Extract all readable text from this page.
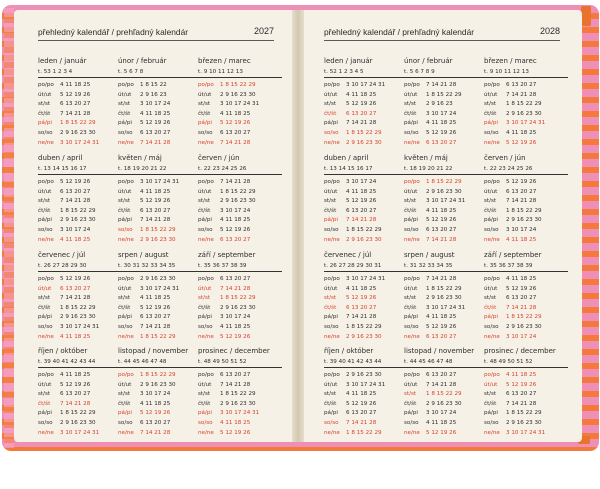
přehledný kalendář / prehľadný kalendár	2027	přehledný kalendář / prehľadný kalendár	2028
leden / január
t. 53 1 2 3 4
po/po	4 11 18 25
út/ut	5 12 19 26
st/st	6 13 20 27
čt/št	7 14 21 28
pá/pi	1 8 15 22 29
so/so	2 9 16 23 30
ne/ne	3 10 17 24 31
únor / február
t. 5 6 7 8
po/po	1 8 15 22
út/ut	2 9 16 23
st/st	3 10 17 24
čt/št	4 11 18 25
pá/pi	5 12 19 26
so/so	6 13 20 27
ne/ne	7 14 21 28
březen / marec
t. 9 10 11 12 13
po/po	1 8 15 22 29
út/ut	2 9 16 23 30
st/st	3 10 17 24 31
čt/št	4 11 18 25
pá/pi	5 12 19 26
so/so	6 13 20 27
ne/ne	7 14 21 28
duben / april
t. 13 14 15 16 17
po/po	5 12 19 26
út/ut	6 13 20 27
st/st	7 14 21 28
čt/št	1 8 15 22 29
pá/pi	2 9 16 23 30
so/so	3 10 17 24
ne/ne	4 11 18 25
květen / máj
t. 18 19 20 21 22
po/po	3 10 17 24 31
út/ut	4 11 18 25
st/st	5 12 19 26
čt/št	6 13 20 27
pá/pi	7 14 21 28
so/so	1 8 15 22 29
ne/ne	2 9 16 23 30
červen / jún
t. 22 23 24 25 26
po/po	7 14 21 28
út/ut	1 8 15 22 29
st/st	2 9 16 23 30
čt/št	3 10 17 24
pá/pi	4 11 18 25
so/so	5 12 19 26
ne/ne	6 13 20 27
červenec / júl
t. 26 27 28 29 30
po/po	5 12 19 26
út/ut	6 13 20 27
st/st	7 14 21 28
čt/št	1 8 15 22 29
pá/pi	2 9 16 23 30
so/so	3 10 17 24 31
ne/ne	4 11 18 25
srpen / august
t. 30 31 32 33 34 35
po/po	2 9 16 23 30
út/ut	3 10 17 24 31
st/st	4 11 18 25
čt/št	5 12 19 26
pá/pi	6 13 20 27
so/so	7 14 21 28
ne/ne	1 8 15 22 29
září / september
t. 35 36 37 38 39
po/po	6 13 20 27
út/ut	7 14 21 28
st/st	1 8 15 22 29
čt/št	2 9 16 23 30
pá/pi	3 10 17 24
so/so	4 11 18 25
ne/ne	5 12 19 26
říjen / október
t. 39 40 41 42 43 44
po/po	4 11 18 25
út/ut	5 12 19 26
st/st	6 13 20 27
čt/št	7 14 21 28
pá/pi	1 8 15 22 29
so/so	2 9 16 23 30
ne/ne	3 10 17 24 31
listopad / november
t. 44 45 46 47 48
po/po	1 8 15 22 29
út/ut	2 9 16 23 30
st/st	3 10 17 24
čt/št	4 11 18 25
pá/pi	5 12 19 26
so/so	6 13 20 27
ne/ne	7 14 21 28
prosinec / december
t. 48 49 50 51 52
po/po	6 13 20 27
út/ut	7 14 21 28
st/st	1 8 15 22 29
čt/št	2 9 16 23 30
pá/pi	3 10 17 24 31
so/so	4 11 18 25
ne/ne	5 12 19 26
leden / január
t. 52 1 2 3 4 5
po/po	3 10 17 24 31
út/ut	4 11 18 25
st/st	5 12 19 26
čt/št	6 13 20 27
pá/pi	7 14 21 28
so/so	1 8 15 22 29
ne/ne	2 9 16 23 30
únor / február
t. 5 6 7 8 9
po/po	7 14 21 28
út/ut	1 8 15 22 29
st/st	2 9 16 23
čt/št	3 10 17 24
pá/pi	4 11 18 25
so/so	5 12 19 26
ne/ne	6 13 20 27
březen / marec
t. 9 10 11 12 13
po/po	6 13 20 27
út/ut	7 14 21 28
st/st	1 8 15 22 29
čt/št	2 9 16 23 30
pá/pi	3 10 17 24 31
so/so	4 11 18 25
ne/ne	5 12 19 26
duben / april
t. 13 14 15 16 17
po/po	3 10 17 24
út/ut	4 11 18 25
st/st	5 12 19 26
čt/št	6 13 20 27
pá/pi	7 14 21 28
so/so	1 8 15 22 29
ne/ne	2 9 16 23 30
květen / máj
t. 18 19 20 21 22
po/po	1 8 15 22 29
út/ut	2 9 16 23 30
st/st	3 10 17 24 31
čt/št	4 11 18 25
pá/pi	5 12 19 26
so/so	6 13 20 27
ne/ne	7 14 21 28
červen / jún
t. 22 23 24 25 26
po/po	5 12 19 26
út/ut	6 13 20 27
st/st	7 14 21 28
čt/št	1 8 15 22 29
pá/pi	2 9 16 23 30
so/so	3 10 17 24
ne/ne	4 11 18 25
červenec / júl
t. 26 27 28 29 30 31
po/po	3 10 17 24 31
út/ut	4 11 18 25
st/st	5 12 19 26
čt/št	6 13 20 27
pá/pi	7 14 21 28
so/so	1 8 15 22 29
ne/ne	2 9 16 23 30
srpen / august
t. 31 32 33 34 35
po/po	7 14 21 28
út/ut	1 8 15 22 29
st/st	2 9 16 23 30
čt/št	3 10 17 24 31
pá/pi	4 11 18 25
so/so	5 12 19 26
ne/ne	6 13 20 27
září / september
t. 35 36 37 38 39
po/po	4 11 18 25
út/ut	5 12 19 26
st/st	6 13 20 27
čt/št	7 14 21 28
pá/pi	1 8 15 22 29
so/so	2 9 16 23 30
ne/ne	3 10 17 24
říjen / október
t. 39 40 41 42 43 44
po/po	2 9 16 23 30
út/ut	3 10 17 24 31
st/st	4 11 18 25
čt/št	5 12 19 26
pá/pi	6 13 20 27
so/so	7 14 21 28
ne/ne	1 8 15 22 29
listopad / november
t. 44 45 46 47 48
po/po	6 13 20 27
út/ut	7 14 21 28
st/st	1 8 15 22 29
čt/št	2 9 16 23 30
pá/pi	3 10 17 24
so/so	4 11 18 25
ne/ne	5 12 19 26
prosinec / december
t. 48 49 50 51 52
po/po	4 11 18 25
út/ut	5 12 19 26
st/st	6 13 20 27
čt/št	7 14 21 28
pá/pi	1 8 15 22 29
so/so	2 9 16 23 30
ne/ne	3 10 17 24 31
